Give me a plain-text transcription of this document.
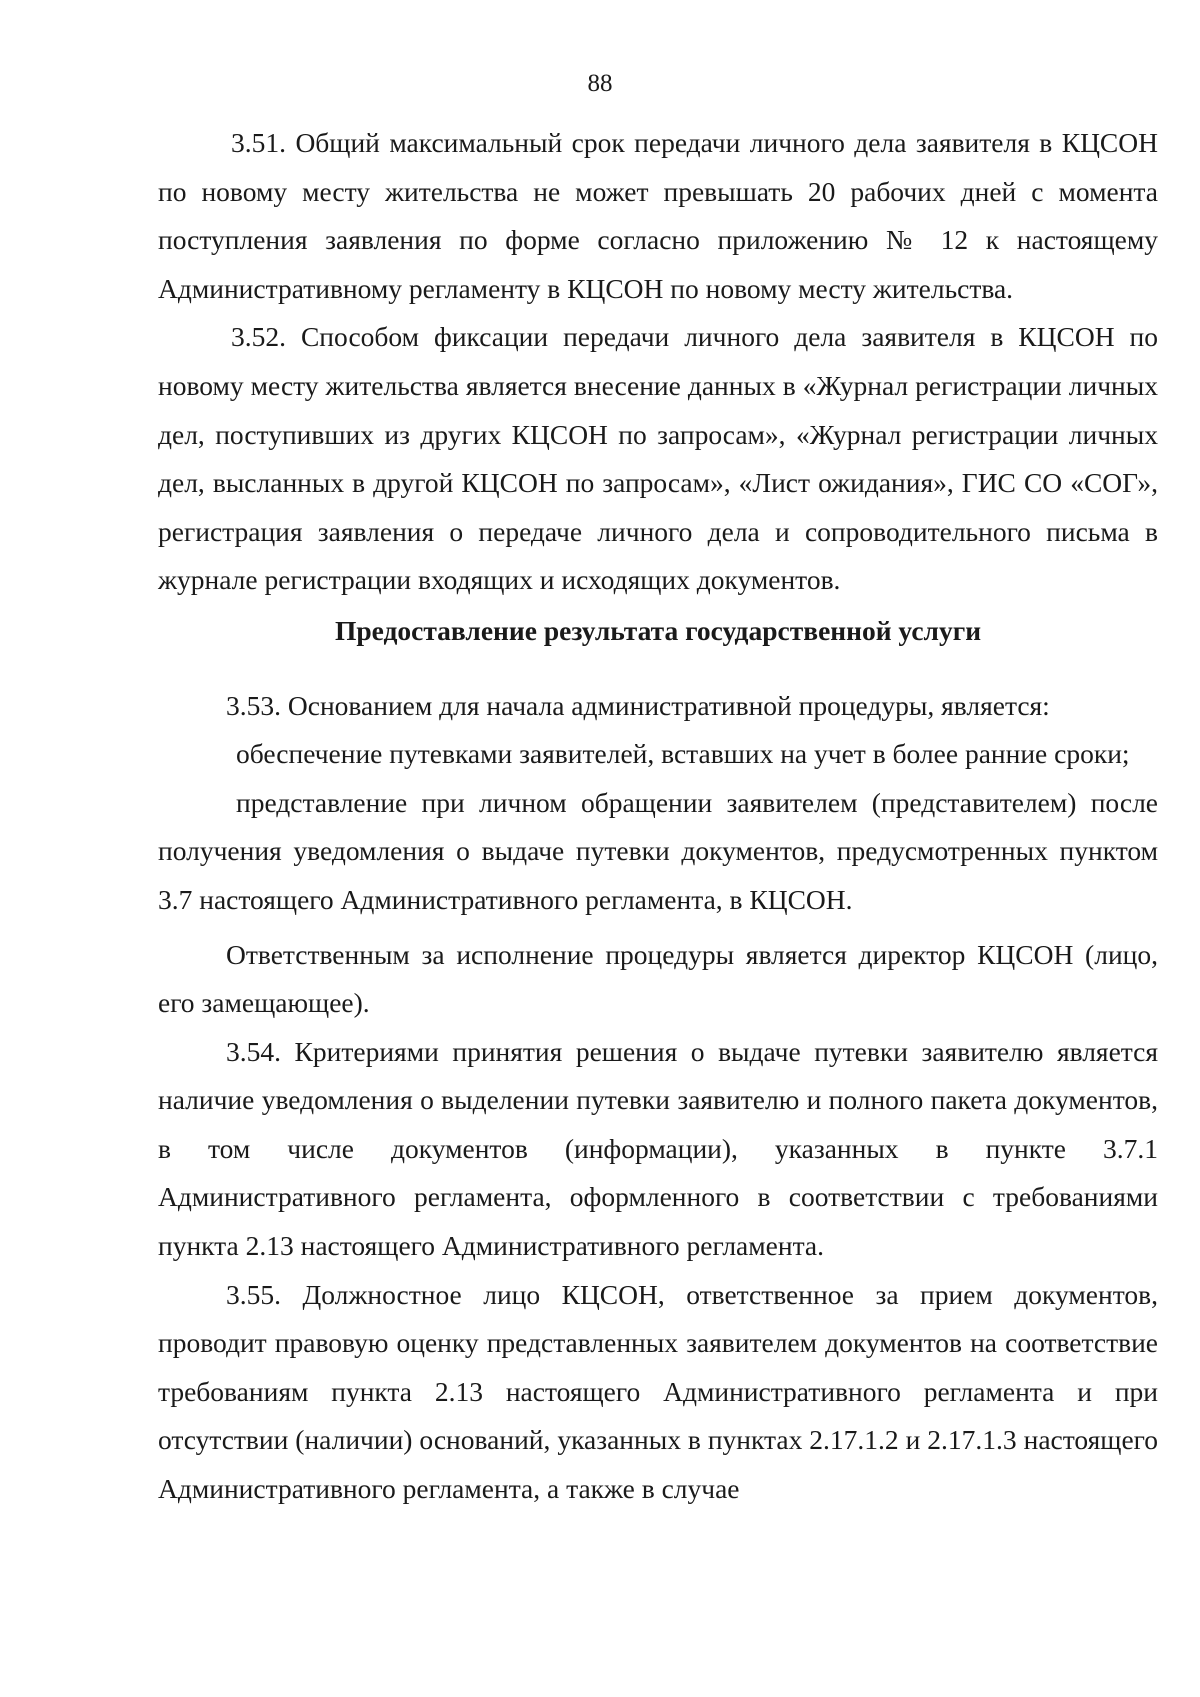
88

3.51. Общий максимальный срок передачи личного дела заявителя в КЦСОН по новому месту жительства не может превышать 20 рабочих дней с момента поступления заявления по форме согласно приложению № 12 к настоящему Административному регламенту в КЦСОН по новому месту жительства.

3.52. Способом фиксации передачи личного дела заявителя в КЦСОН по новому месту жительства является внесение данных в «Журнал регистрации личных дел, поступивших из других КЦСОН по запросам», «Журнал регистрации личных дел, высланных в другой КЦСОН по запросам», «Лист ожидания», ГИС СО «СОГ», регистрация заявления о передаче личного дела и сопроводительного письма в журнале регистрации входящих и исходящих документов.

Предоставление результата государственной услуги

3.53. Основанием для начала административной процедуры, является:

обеспечение путевками заявителей, вставших на учет в более ранние сроки;

представление при личном обращении заявителем (представителем) после получения уведомления о выдаче путевки документов, предусмотренных пунктом 3.7 настоящего Административного регламента, в КЦСОН.

Ответственным за исполнение процедуры является директор КЦСОН (лицо, его замещающее).

3.54. Критериями принятия решения о выдаче путевки заявителю является наличие уведомления о выделении путевки заявителю и полного пакета документов, в том числе документов (информации), указанных в пункте 3.7.1 Административного регламента, оформленного в соответствии с требованиями пункта 2.13 настоящего Административного регламента.

3.55. Должностное лицо КЦСОН, ответственное за прием документов, проводит правовую оценку представленных заявителем документов на соответствие требованиям пункта 2.13 настоящего Административного регламента и при отсутствии (наличии) оснований, указанных в пунктах 2.17.1.2 и 2.17.1.3 настоящего Административного регламента, а также в случае
